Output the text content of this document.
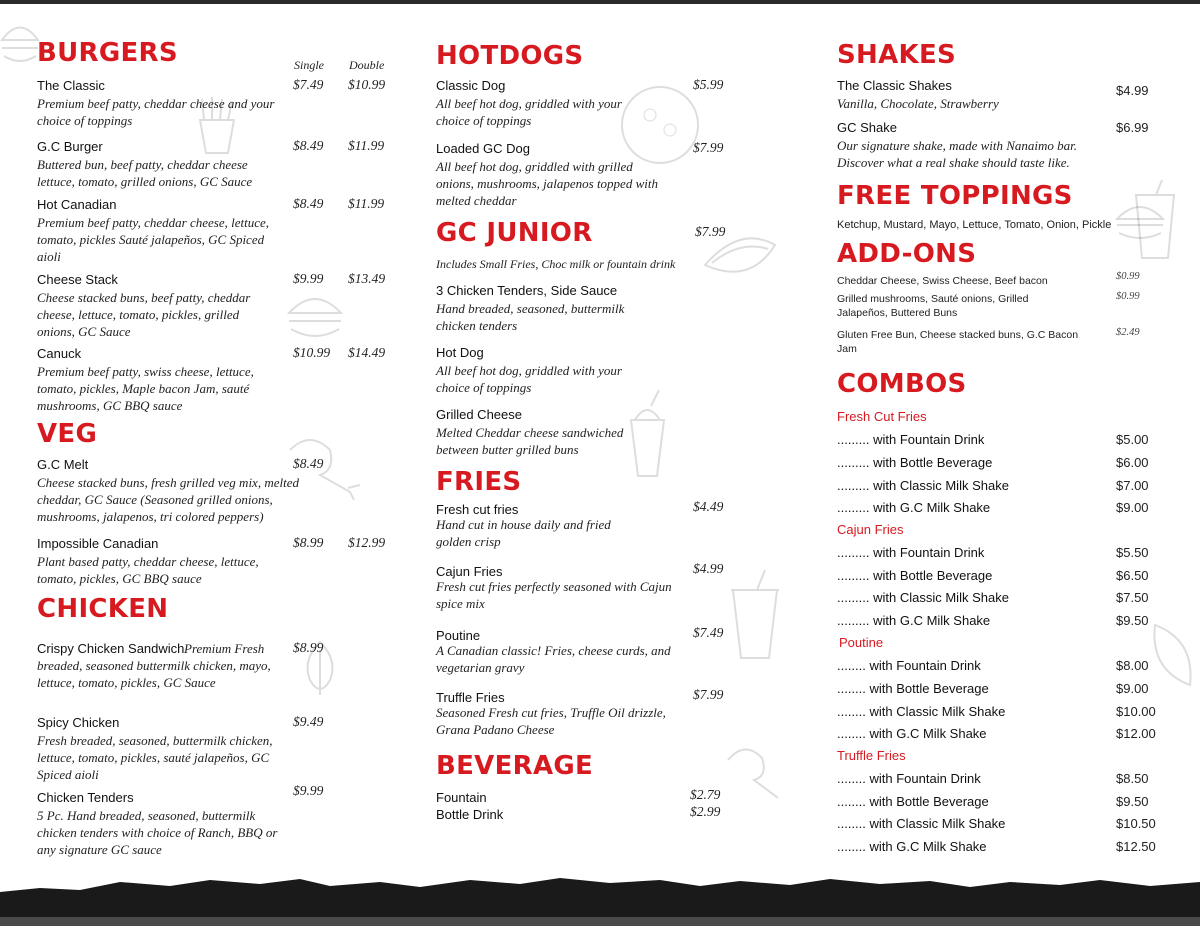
BURGERS	Single Double
The Classic
Premium beef patty, cheddar cheese and your choice of toppings
$7.49 $10.99
G.C Burger
Buttered bun, beef patty, cheddar cheese lettuce, tomato, grilled onions, GC Sauce
$8.49 $11.99
Hot Canadian
Premium beef patty, cheddar cheese, lettuce, tomato, pickles Sauté jalapeños, GC Spiced aioli
$8.49 $11.99
Cheese Stack
Cheese stacked buns, beef patty, cheddar cheese, lettuce, tomato, pickles, grilled onions, GC Sauce
$9.99 $13.49
Canuck
Premium beef patty, swiss cheese, lettuce, tomato, pickles, Maple bacon Jam, sauté mushrooms, GC BBQ sauce
$10.99 $14.49
VEG
G.C Melt
Cheese stacked buns, fresh grilled veg mix, melted cheddar, GC Sauce (Seasoned grilled onions, mushrooms, jalapenos, tri colored peppers)
$8.49
Impossible Canadian
Plant based patty, cheddar cheese, lettuce, tomato, pickles, GC BBQ sauce
$8.99 $12.99
CHICKEN
Crispy Chicken Sandwich Premium Fresh
breaded, seasoned buttermilk chicken, mayo, lettuce, tomato, pickles, GC Sauce
$8.99
Spicy Chicken
Fresh breaded, seasoned, buttermilk chicken, lettuce, tomato, pickles, sauté jalapeños, GC Spiced aioli
$9.49
Chicken Tenders
5 Pc. Hand breaded, seasoned, buttermilk chicken tenders with choice of Ranch, BBQ or any signature GC sauce
$9.99
HOTDOGS
Classic Dog
All beef hot dog, griddled with your choice of toppings
$5.99
Loaded GC Dog
All beef hot dog, griddled with grilled onions, mushrooms, jalapenos topped with melted cheddar
$7.99
GC JUNIOR	$7.99
Includes Small Fries, Choc milk or fountain drink
3 Chicken Tenders, Side Sauce
Hand breaded, seasoned, buttermilk chicken tenders
Hot Dog
All beef hot dog, griddled with your choice of toppings
Grilled Cheese
Melted Cheddar cheese sandwiched between butter grilled buns
FRIES
Fresh cut fries
Hand cut in house daily and fried golden crisp
$4.49
Cajun Fries
Fresh cut fries perfectly seasoned with Cajun spice mix
$4.99
Poutine
A Canadian classic! Fries, cheese curds, and vegetarian gravy
$7.49
Truffle Fries
Seasoned Fresh cut fries, Truffle Oil drizzle, Grana Padano Cheese
$7.99
BEVERAGE
Fountain	$2.79
Bottle Drink	$2.99
SHAKES
The Classic Shakes
Vanilla, Chocolate, Strawberry
$4.99
GC Shake
Our signature shake, made with Nanaimo bar. Discover what a real shake should taste like.
$6.99
FREE TOPPINGS
Ketchup, Mustard, Mayo, Lettuce, Tomato, Onion, Pickle
ADD-ONS
Cheddar Cheese, Swiss Cheese, Beef bacon	$0.99
Grilled mushrooms, Sauté onions, Grilled Jalapeños, Buttered Buns
$0.99
Gluten Free Bun, Cheese stacked buns, G.C Bacon Jam
$2.49
COMBOS
Fresh Cut Fries
......... with Fountain Drink	$5.00
......... with Bottle Beverage	$6.00
......... with Classic Milk Shake	$7.00
......... with G.C Milk Shake	$9.00
Cajun Fries
......... with Fountain Drink	$5.50
......... with Bottle Beverage	$6.50
......... with Classic Milk Shake	$7.50
......... with G.C Milk Shake	$9.50
Poutine
........ with Fountain Drink	$8.00
........ with Bottle Beverage	$9.00
........ with Classic Milk Shake	$10.00
........ with G.C Milk Shake	$12.00
Truffle Fries
........ with Fountain Drink	$8.50
........ with Bottle Beverage	$9.50
........ with Classic Milk Shake	$10.50
........ with G.C Milk Shake	$12.50
